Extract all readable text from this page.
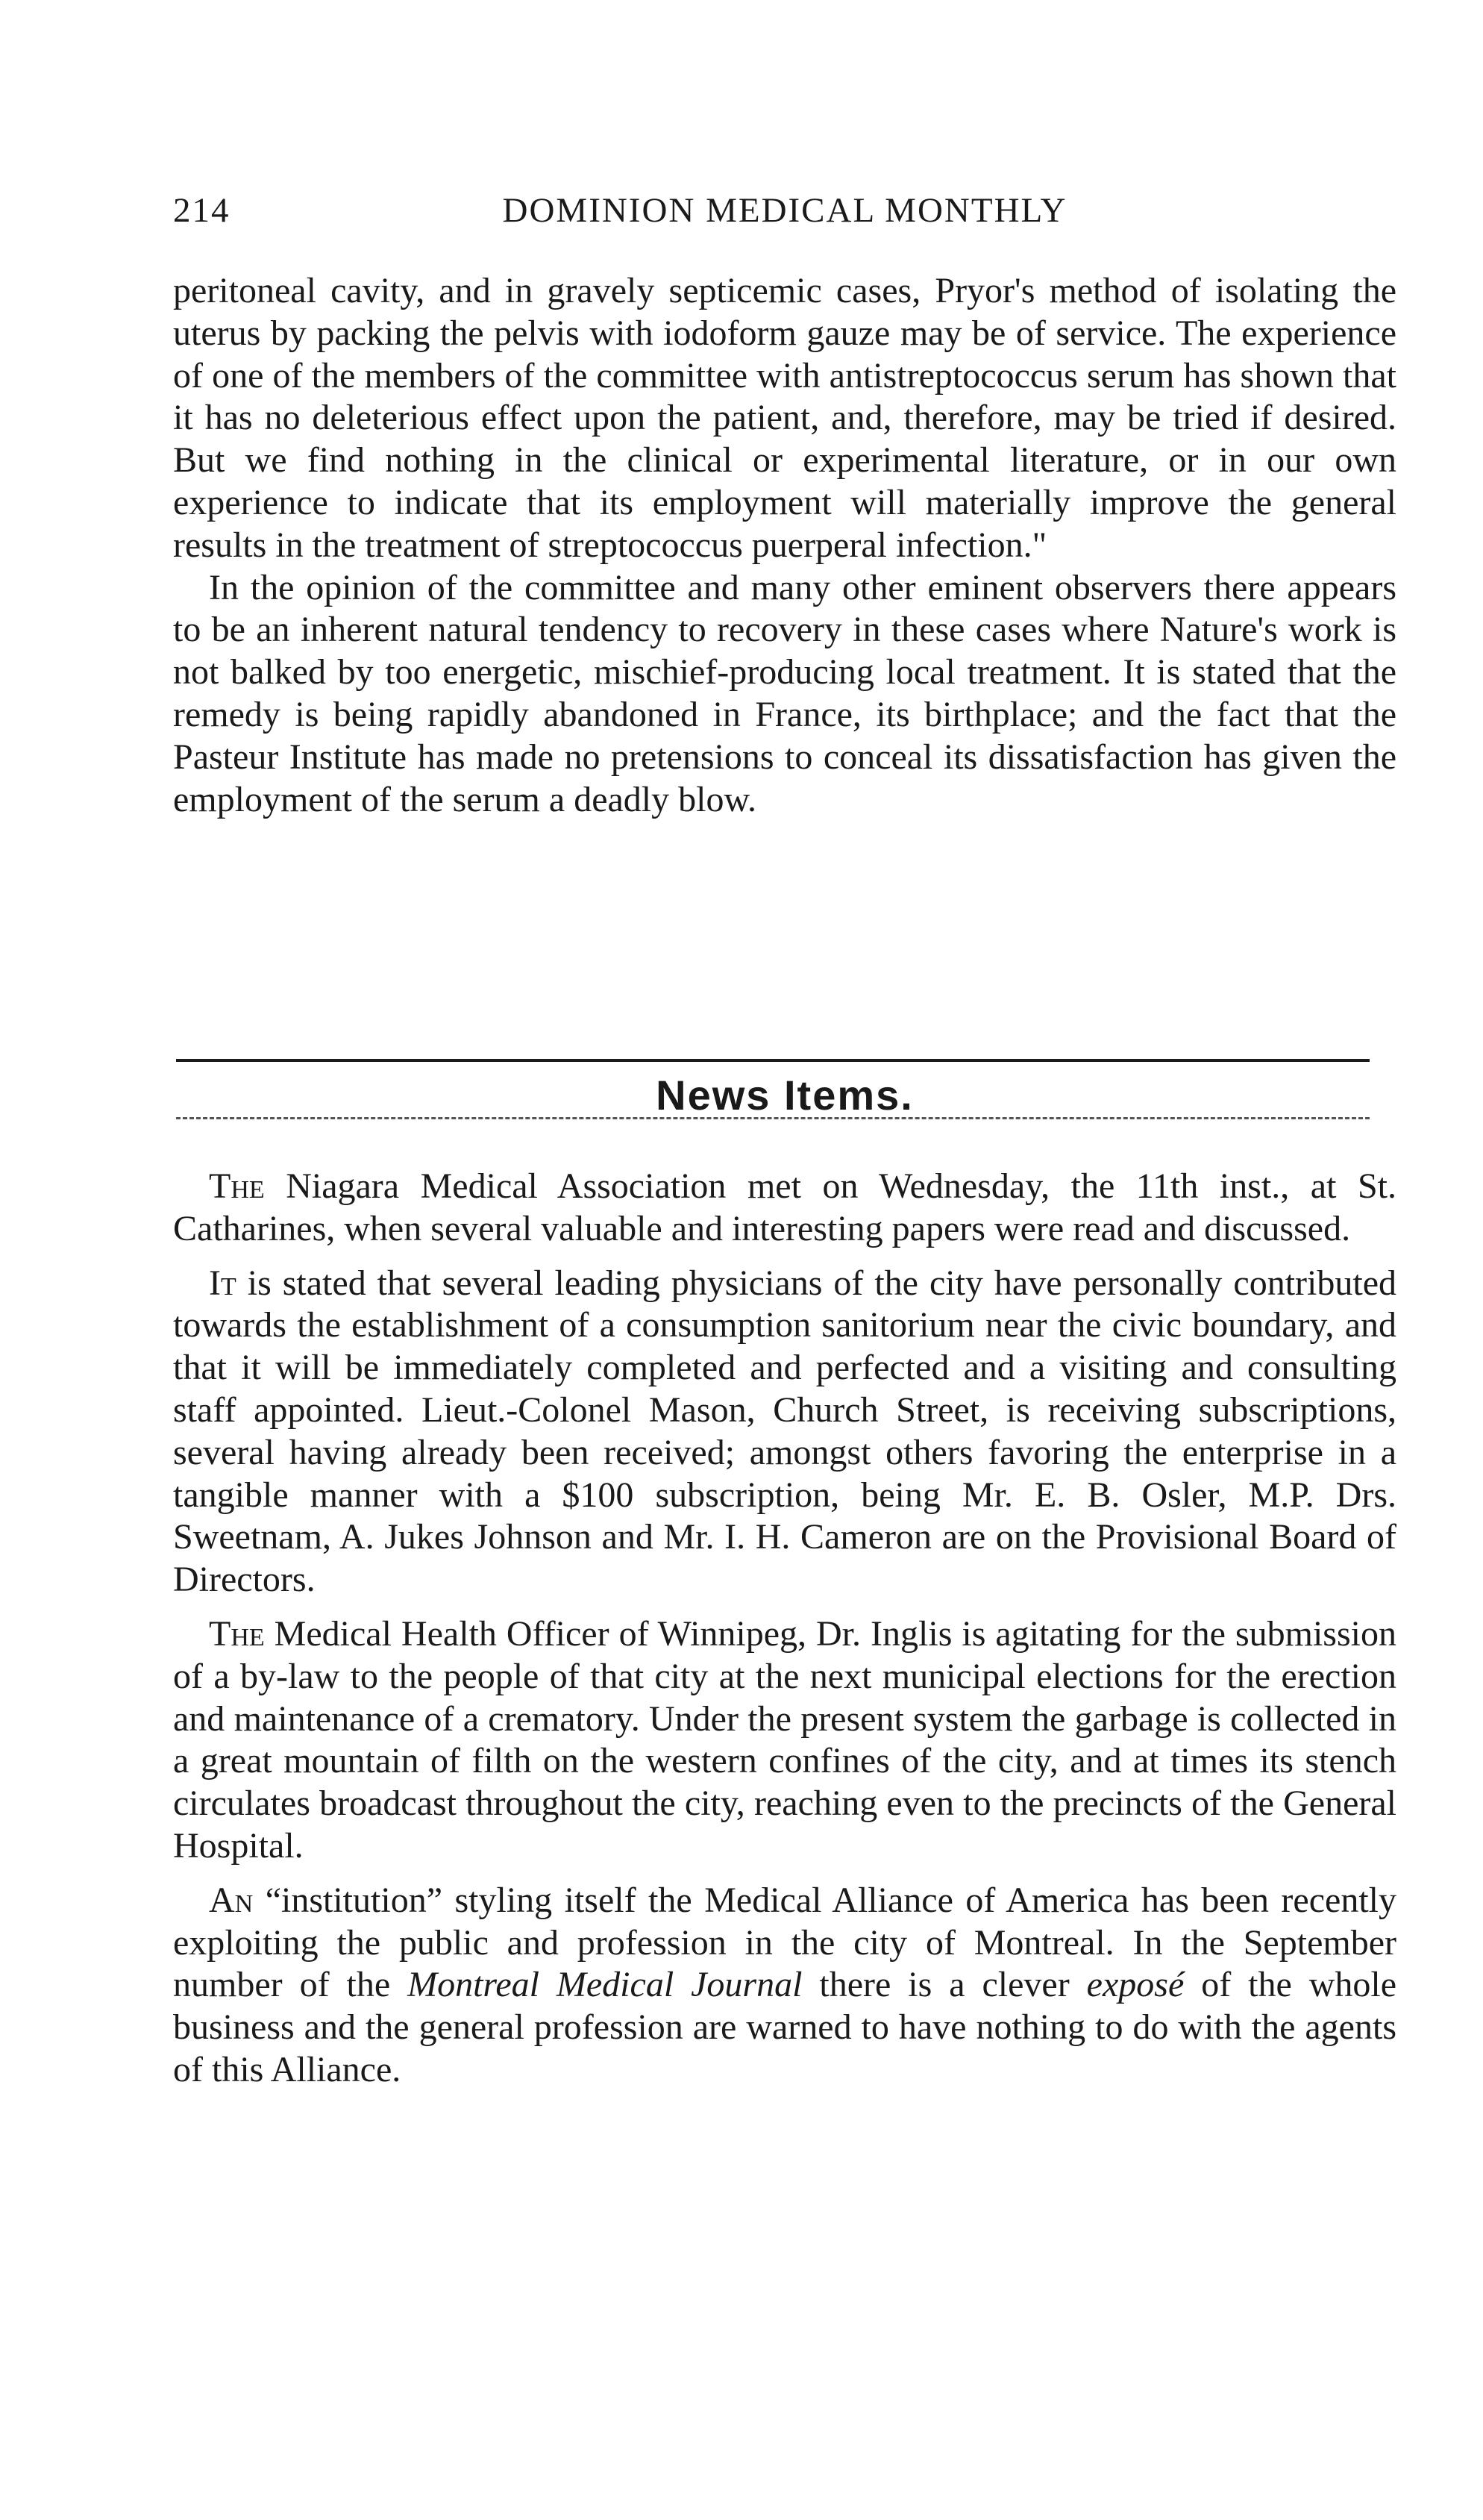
214	DOMINION MEDICAL MONTHLY

peritoneal cavity, and in gravely septicemic cases, Pryor's method of isolating the uterus by packing the pelvis with iodoform gauze may be of service. The experience of one of the members of the committee with antistreptococcus serum has shown that it has no deleterious effect upon the patient, and, therefore, may be tried if desired. But we find nothing in the clinical or experimental literature, or in our own experience to indicate that its employment will materially improve the general results in the treatment of streptococcus puerperal infection."

In the opinion of the committee and many other eminent observers there appears to be an inherent natural tendency to recovery in these cases where Nature's work is not balked by too energetic, mischief-producing local treatment. It is stated that the remedy is being rapidly abandoned in France, its birthplace; and the fact that the Pasteur Institute has made no pretensions to conceal its dissatisfaction has given the employment of the serum a deadly blow.

News Items.

The Niagara Medical Association met on Wednesday, the 11th inst., at St. Catharines, when several valuable and interesting papers were read and discussed.

It is stated that several leading physicians of the city have personally contributed towards the establishment of a consumption sanitorium near the civic boundary, and that it will be immediately completed and perfected and a visiting and consulting staff appointed. Lieut.-Colonel Mason, Church Street, is receiving subscriptions, several having already been received; amongst others favoring the enterprise in a tangible manner with a $100 subscription, being Mr. E. B. Osler, M.P. Drs. Sweetnam, A. Jukes Johnson and Mr. I. H. Cameron are on the Provisional Board of Directors.

The Medical Health Officer of Winnipeg, Dr. Inglis is agitating for the submission of a by-law to the people of that city at the next municipal elections for the erection and maintenance of a crematory. Under the present system the garbage is collected in a great mountain of filth on the western confines of the city, and at times its stench circulates broadcast throughout the city, reaching even to the precincts of the General Hospital.

An “institution” styling itself the Medical Alliance of America has been recently exploiting the public and profession in the city of Montreal. In the September number of the Montreal Medical Journal there is a clever exposé of the whole business and the general profession are warned to have nothing to do with the agents of this Alliance.
